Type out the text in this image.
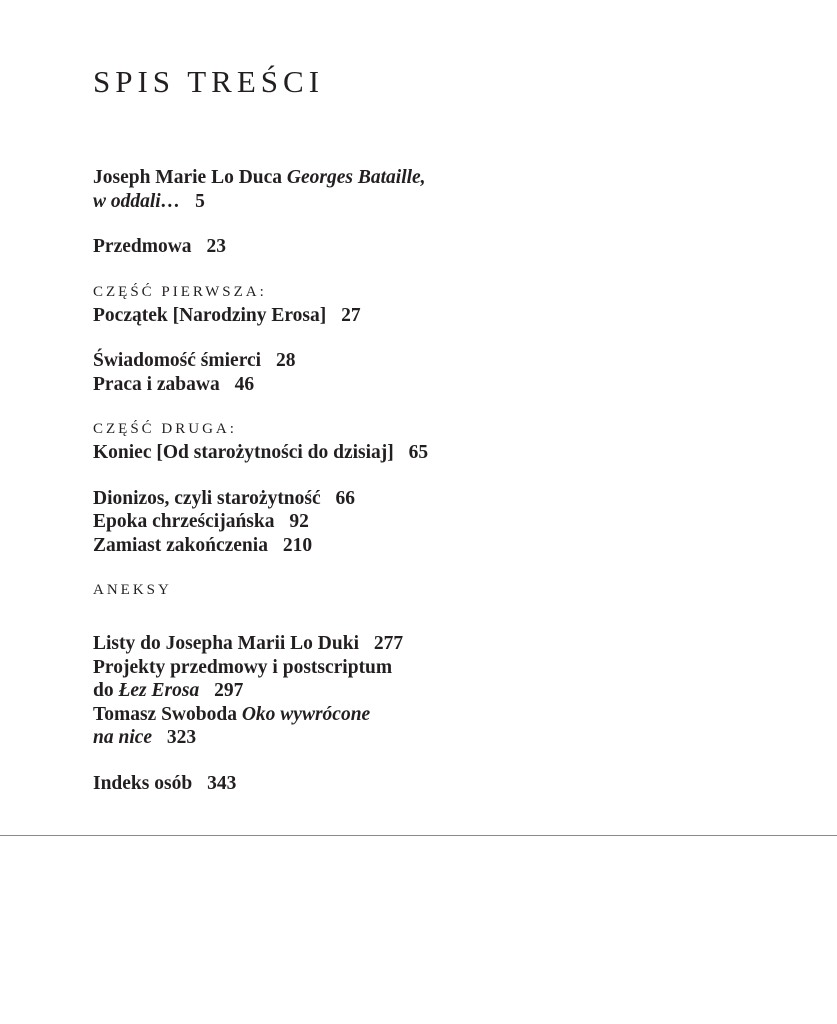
SPIS TREŚCI
Joseph Marie Lo Duca Georges Bataille,
w oddali… 5
Przedmowa 23
CZĘŚĆ PIERWSZA:
Początek [Narodziny Erosa] 27
Świadomość śmierci 28
Praca i zabawa 46
CZĘŚĆ DRUGA:
Koniec [Od starożytności do dzisiaj] 65
Dionizos, czyli starożytność 66
Epoka chrześcijańska 92
Zamiast zakończenia 210
ANEKSY
Listy do Josepha Marii Lo Duki 277
Projekty przedmowy i postscriptum
do Łez Erosa 297
Tomasz Swoboda Oko wywrócone
na nice 323
Indeks osób 343
